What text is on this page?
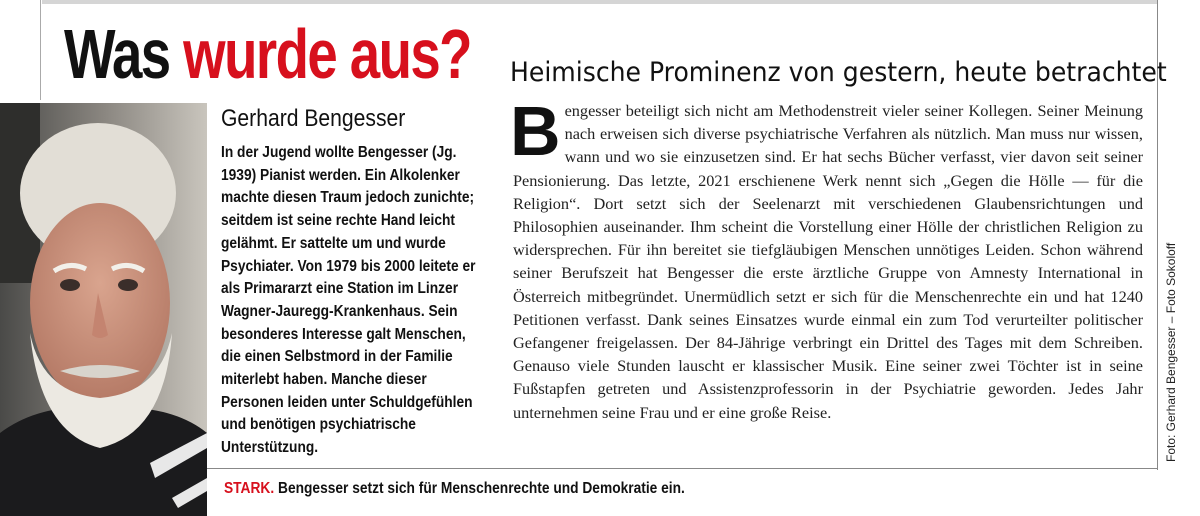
Was wurde aus? Heimische Prominenz von gestern, heute betrachtet
Gerhard Bengesser
In der Jugend wollte Bengesser (Jg. 1939) Pianist werden. Ein Alkolenker machte diesen Traum jedoch zunichte; seitdem ist seine rechte Hand leicht gelähmt. Er sattelte um und wurde Psychiater. Von 1979 bis 2000 leitete er als Primararzt eine Station im Linzer Wagner-Jauregg-Krankenhaus. Sein besonderes Interesse galt Menschen, die einen Selbstmord in der Familie miterlebt haben. Manche dieser Personen leiden unter Schuldgefühlen und benötigen psychiatrische Unterstützung.
B engesser beteiligt sich nicht am Methodenstreit vieler seiner Kollegen. Seiner Meinung nach erweisen sich diverse psychiatrische Verfahren als nützlich. Man muss nur wissen, wann und wo sie einzusetzen sind. Er hat sechs Bücher verfasst, vier davon seit seiner Pensionierung. Das letzte, 2021 erschienene Werk nennt sich „Gegen die Hölle — für die Religion“. Dort setzt sich der Seelenarzt mit verschiedenen Glaubensrichtungen und Philosophien auseinander. Ihm scheint die Vorstellung einer Hölle der christlichen Religion zu widersprechen. Für ihn bereitet sie tiefgläubigen Menschen unnötiges Leiden. Schon während seiner Berufszeit hat Bengesser die erste ärztliche Gruppe von Amnesty International in Österreich mitbegründet. Unermüdlich setzt er sich für die Menschenrechte ein und hat 1240 Petitionen verfasst. Dank seines Einsatzes wurde einmal ein zum Tod verurteilter politischer Gefangener freigelassen. Der 84-Jährige verbringt ein Drittel des Tages mit dem Schreiben. Genauso viele Stunden lauscht er klassischer Musik. Eine seiner zwei Töchter ist in seine Fußstapfen getreten und Assistenzprofessorin in der Psychiatrie geworden. Jedes Jahr unternehmen seine Frau und er eine große Reise.
STARK. Bengesser setzt sich für Menschenrechte und Demokratie ein.
Foto: Gerhard Bengesser – Foto Sokoloff
